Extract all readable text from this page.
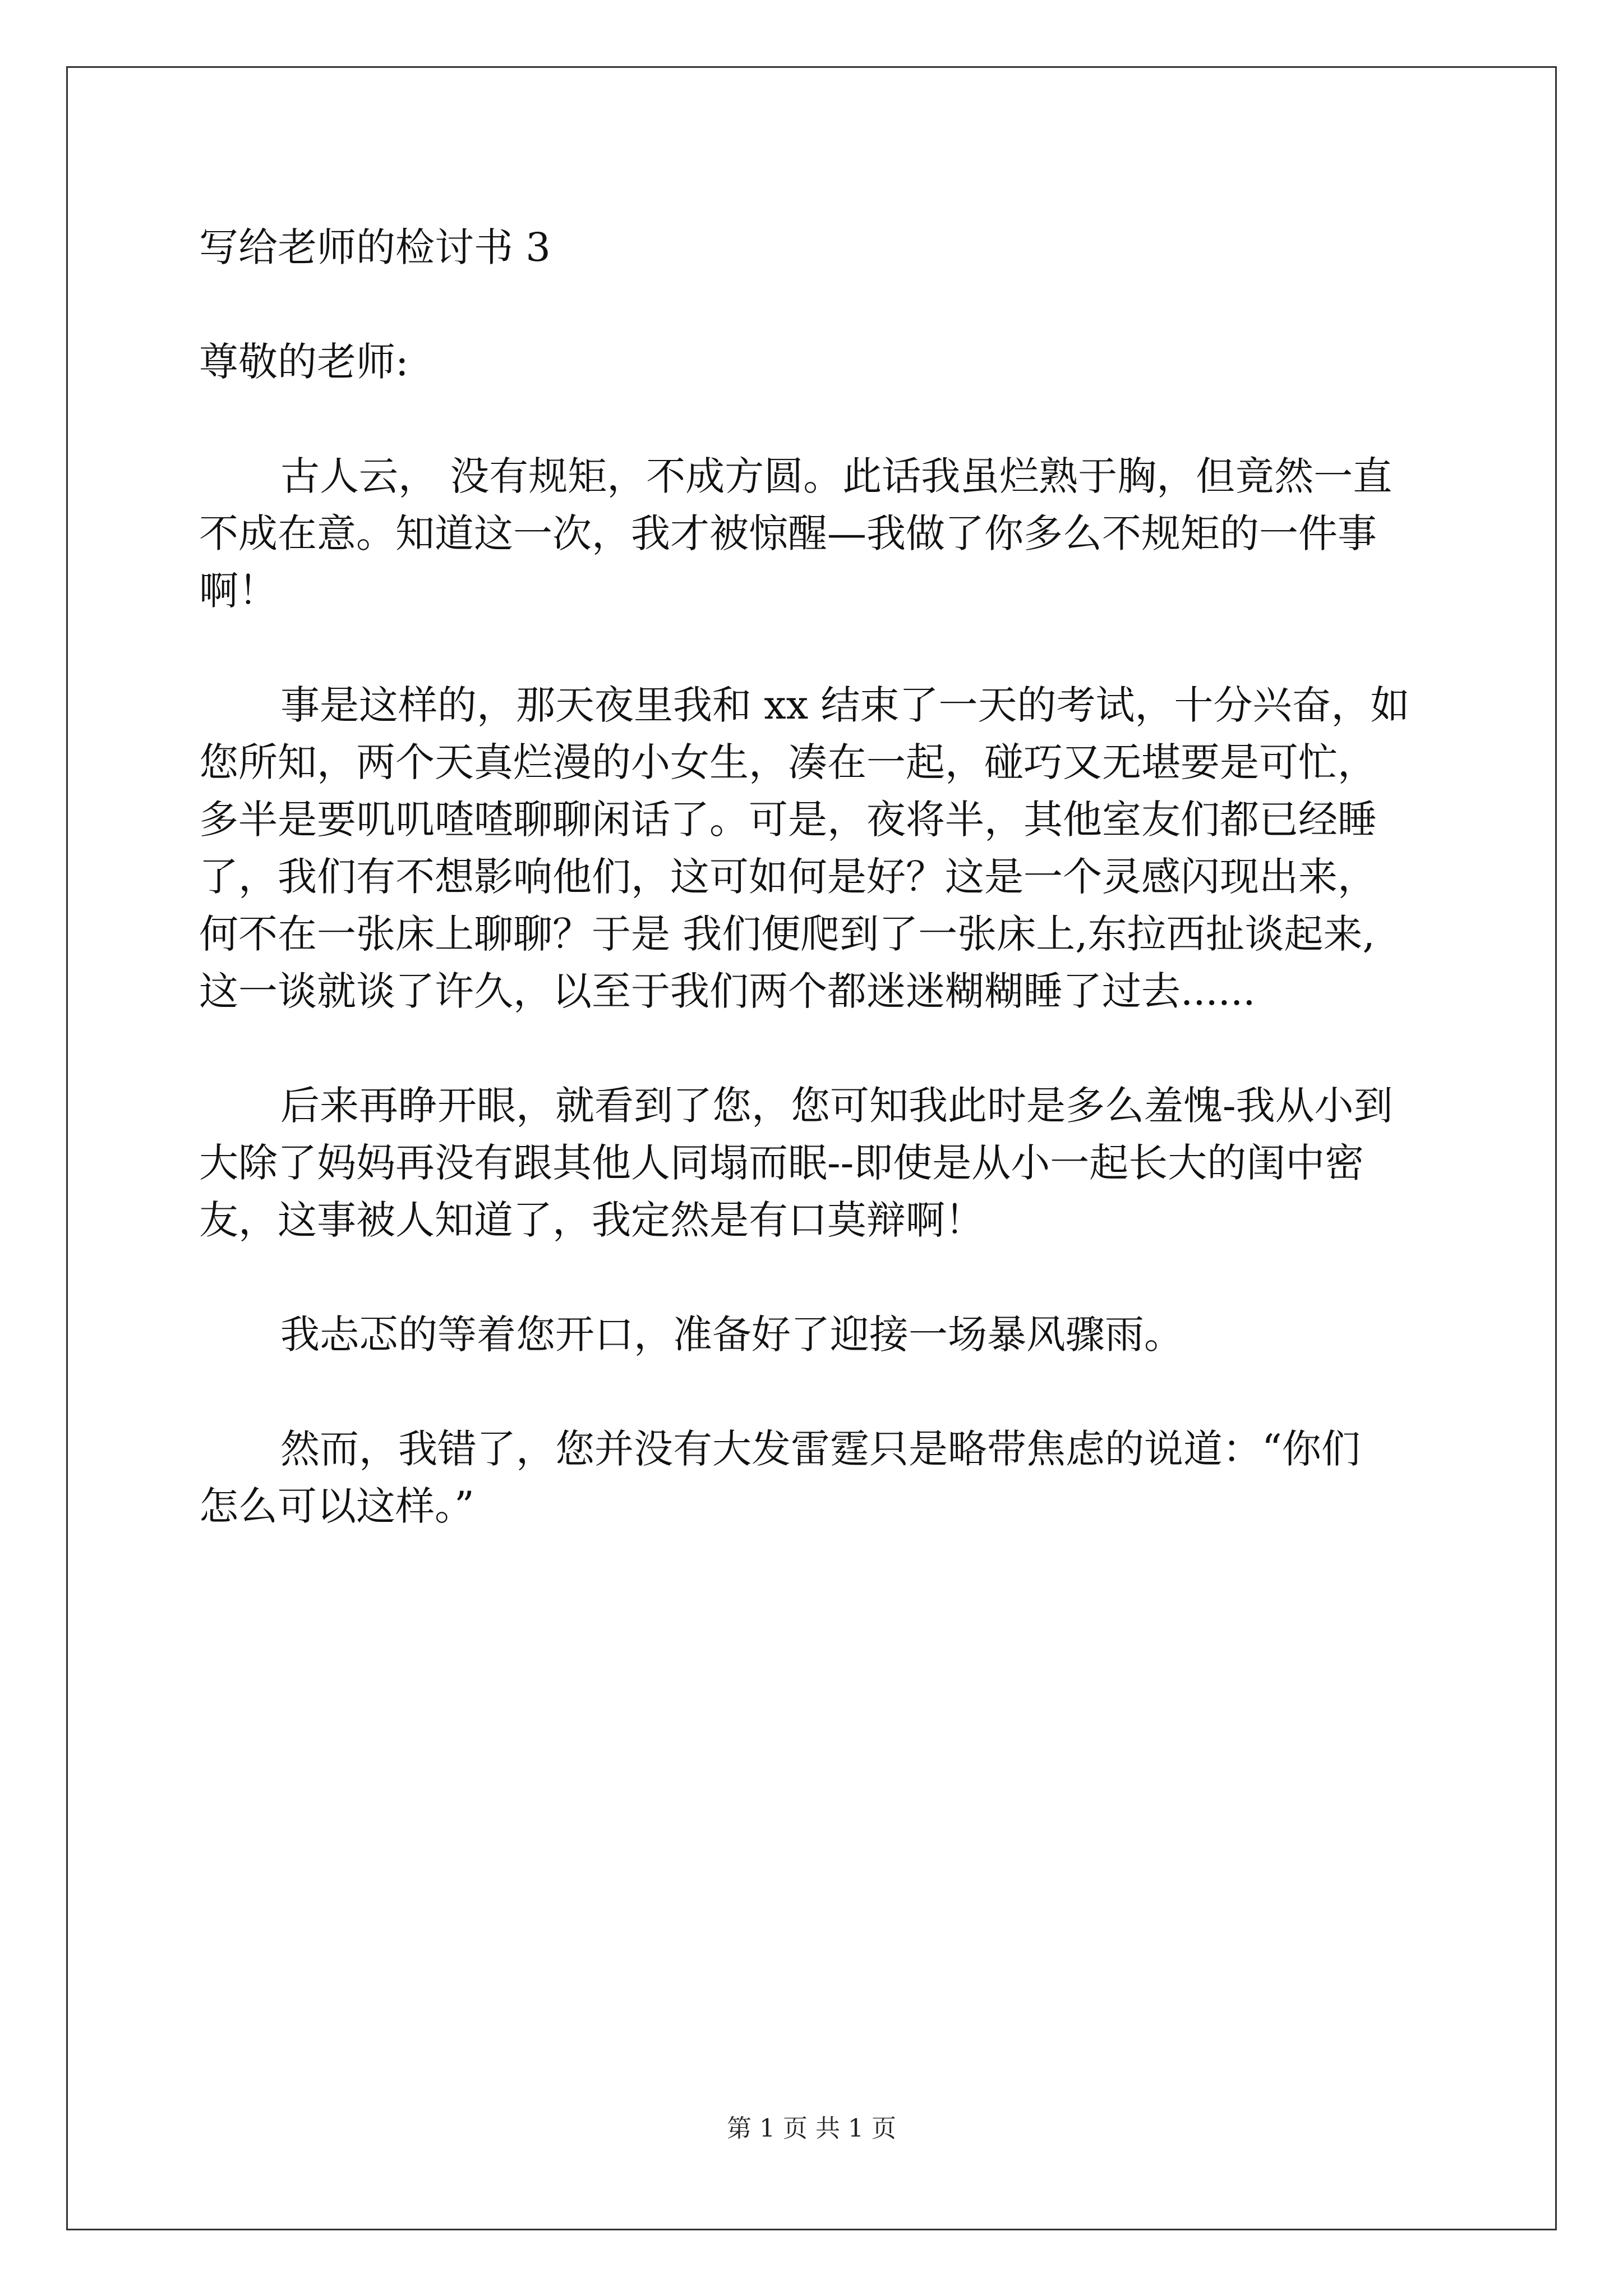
写给老师的检讨书 3

尊敬的老师:

古人云， 没有规矩，不成方圆。此话我虽烂熟于胸，但竟然一直

不成在意。知道这一次，我才被惊醒—我做了你多么不规矩的一件事

啊！

事是这样的，那天夜里我和 xx 结束了一天的考试，十分兴奋，如

您所知，两个天真烂漫的小女生，凑在一起，碰巧又无堪要是可忙，

多半是要叽叽喳喳聊聊闲话了。可是，夜将半，其他室友们都已经睡

了，我们有不想影响他们，这可如何是好？这是一个灵感闪现出来，

何不在一张床上聊聊？于是 我们便爬到了一张床上,东拉西扯谈起来,

这一谈就谈了许久，以至于我们两个都迷迷糊糊睡了过去......

后来再睁开眼，就看到了您，您可知我此时是多么羞愧-我从小到

大除了妈妈再没有跟其他人同塌而眠--即使是从小一起长大的闺中密

友，这事被人知道了，我定然是有口莫辩啊！

我忐忑的等着您开口，准备好了迎接一场暴风骤雨。

然而，我错了，您并没有大发雷霆只是略带焦虑的说道：“你们

怎么可以这样。”

第 1 页 共 1 页
